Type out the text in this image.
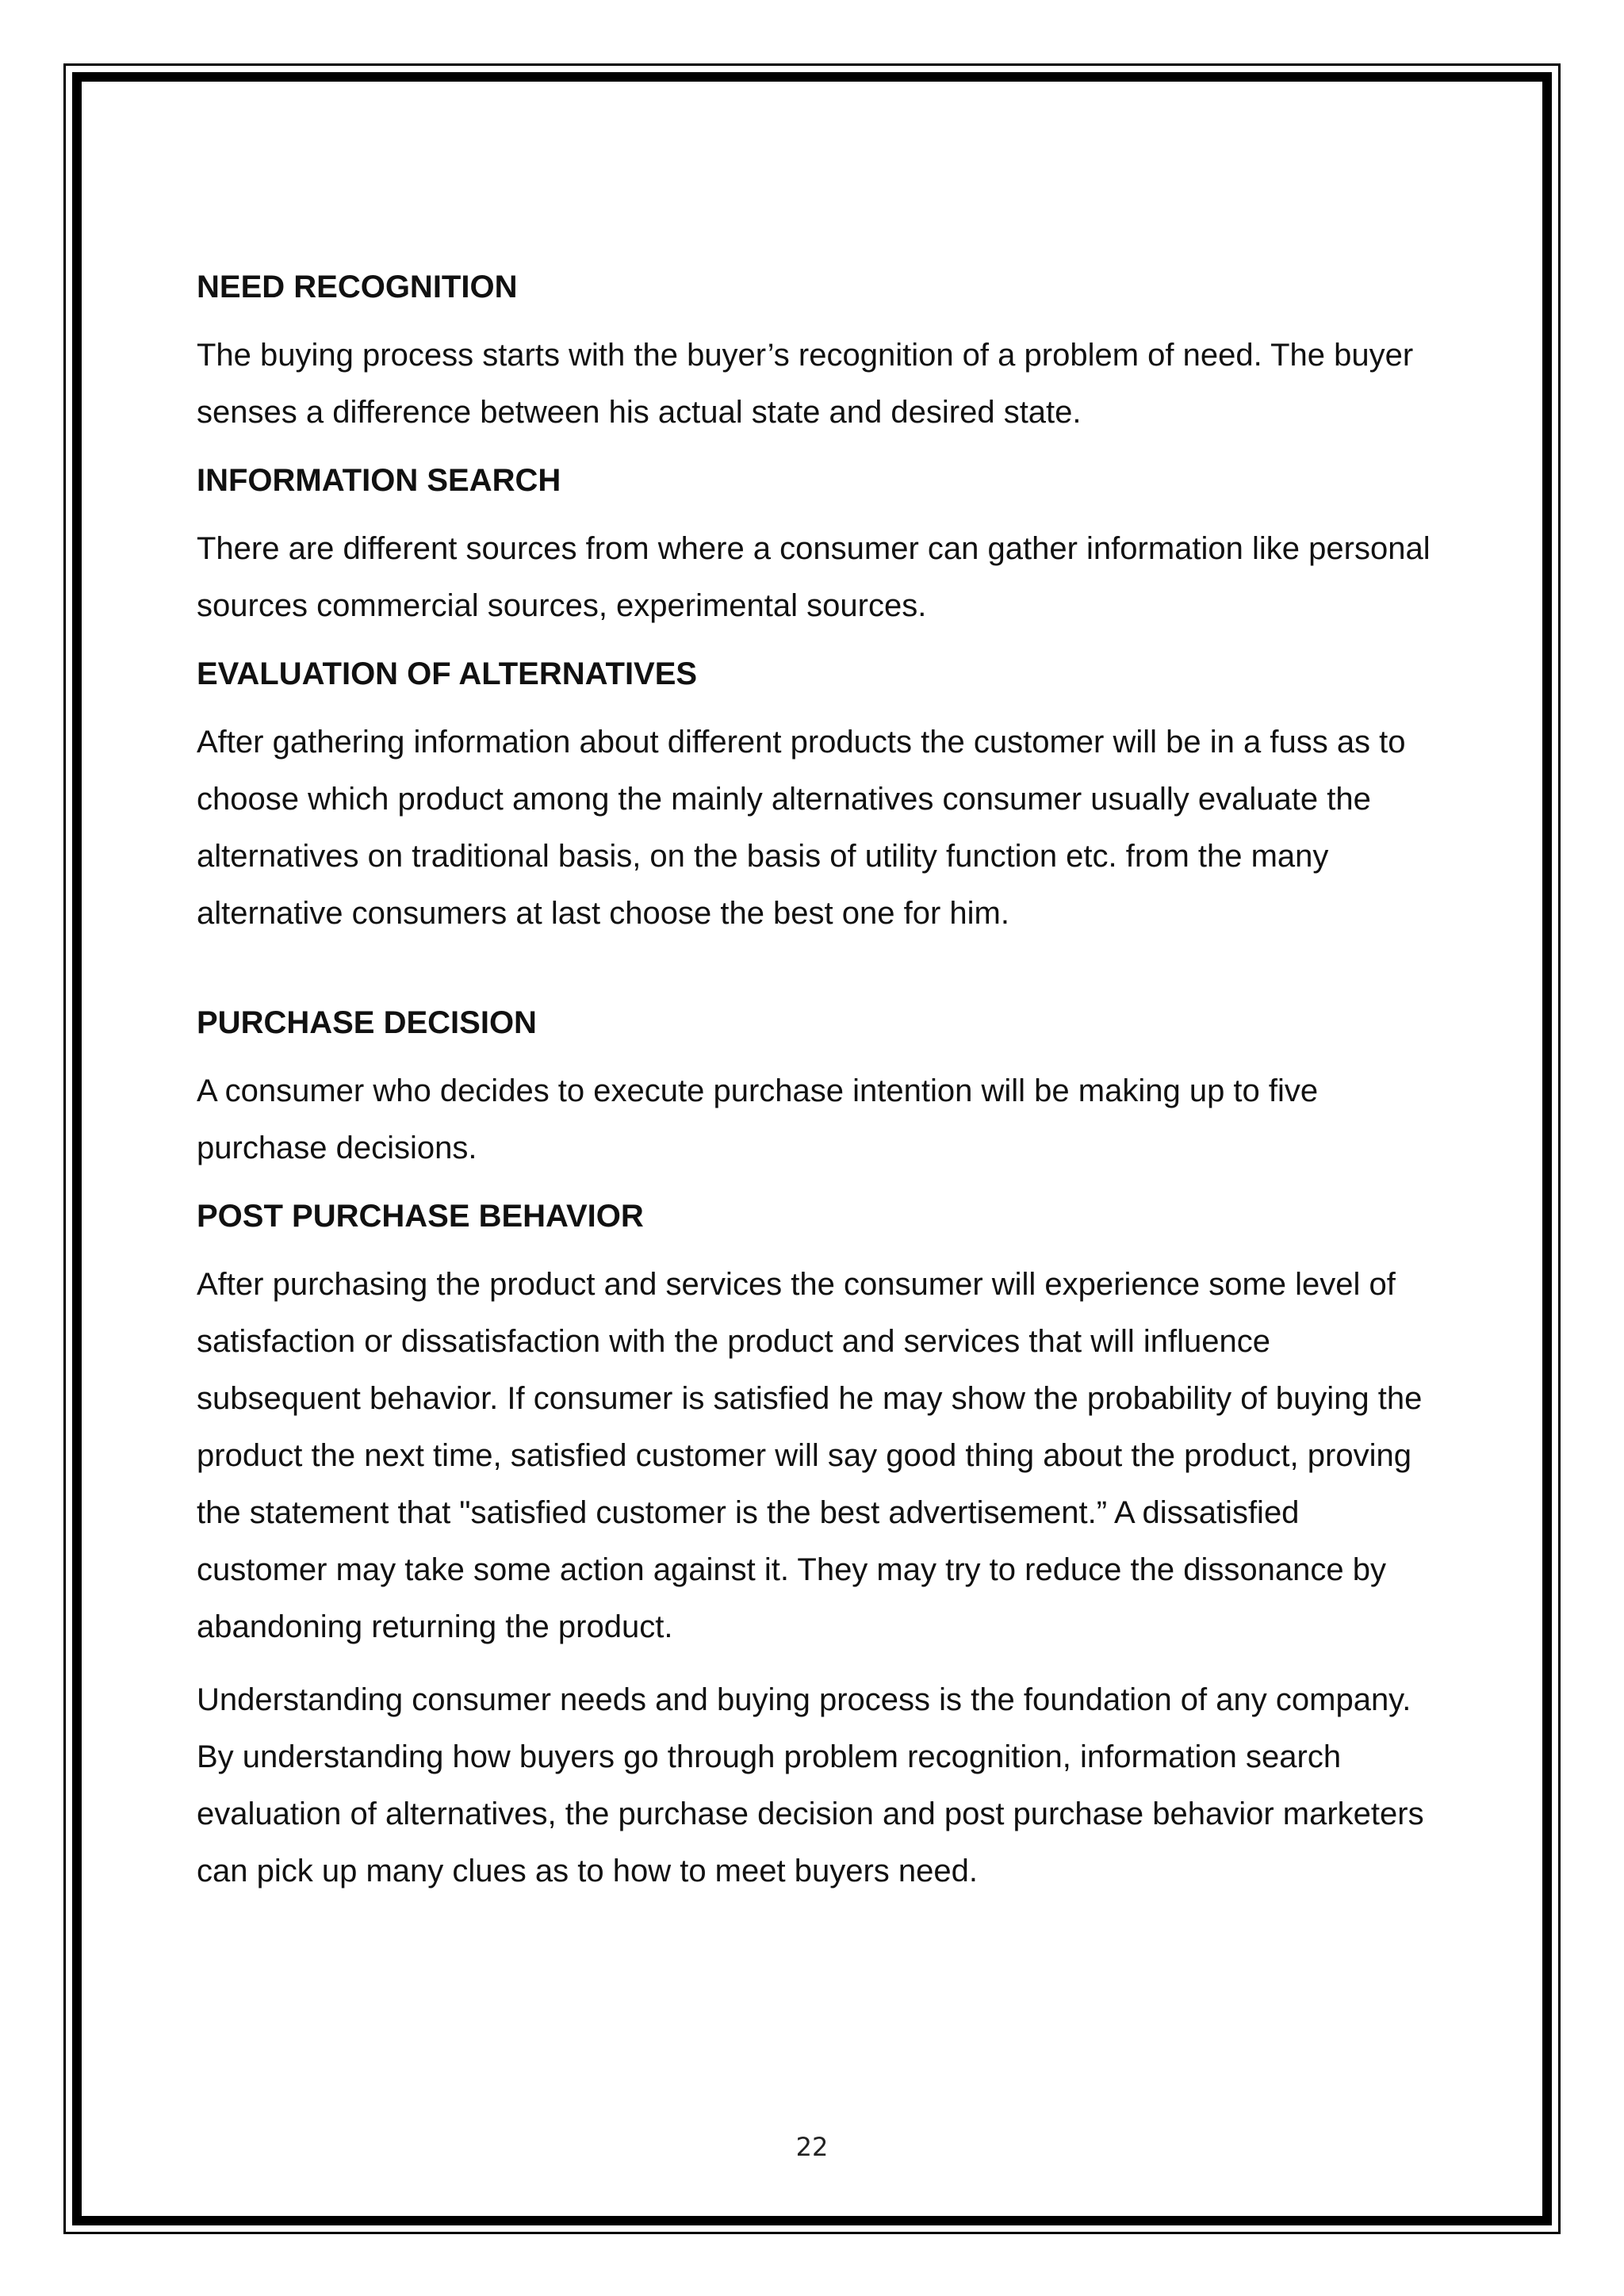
NEED RECOGNITION
The buying process starts with the buyer’s recognition of a problem of need. The buyer senses a difference between his actual state and desired state.
INFORMATION SEARCH
There are different sources from where a consumer can gather information like personal sources commercial sources, experimental sources.
EVALUATION OF ALTERNATIVES
After gathering information about different products the customer will be in a fuss as to choose which product among the mainly alternatives consumer usually evaluate the alternatives on traditional basis, on the basis of utility function etc. from the many alternative consumers at last choose the best one for him.
PURCHASE DECISION
A consumer who decides to execute purchase intention will be making up to five purchase decisions.
POST PURCHASE BEHAVIOR
After purchasing the product and services the consumer will experience some level of satisfaction or dissatisfaction with the product and services that will influence subsequent behavior. If consumer is satisfied he may show the probability of buying the product the next time, satisfied customer will say good thing about the product, proving the statement that "satisfied customer is the best advertisement.” A dissatisfied customer may take some action against it. They may try to reduce the dissonance by abandoning returning the product.
Understanding consumer needs and buying process is the foundation of any company. By understanding how buyers go through problem recognition, information search evaluation of alternatives, the purchase decision and post purchase behavior marketers can pick up many clues as to how to meet buyers need.
22
